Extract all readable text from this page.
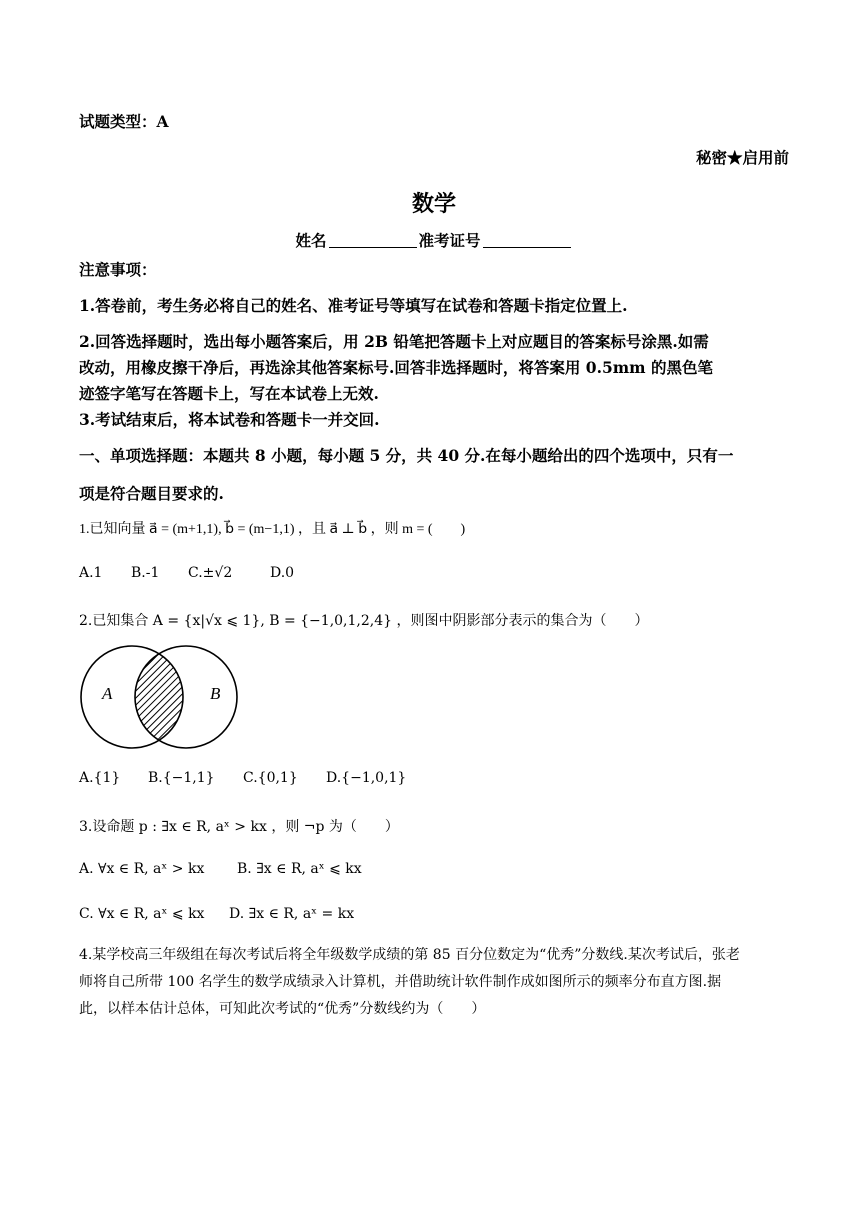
试题类型：A
秘密★启用前
数学
姓名	准考证号
注意事项：
1.答卷前，考生务必将自己的姓名、准考证号等填写在试卷和答题卡指定位置上.
2.回答选择题时，选出每小题答案后，用 2B 铅笔把答题卡上对应题目的答案标号涂黑.如需
改动，用橡皮擦干净后，再选涂其他答案标号.回答非选择题时，将答案用 0.5mm 的黑色笔
迹签字笔写在答题卡上，写在本试卷上无效.
3.考试结束后，将本试卷和答题卡一并交回.
一、单项选择题：本题共 8 小题，每小题 5 分，共 40 分.在每小题给出的四个选项中，只有一
项是符合题目要求的.
1.已知向量 a⃗ = (m+1,1), b⃗ = (m−1,1) ，且 a⃗ ⊥ b⃗ ，则 m = (　　)
A.1 B.-1 C.±√2	D.0
2.已知集合 A = {x|√x ⩽ 1}, B = {−1,0,1,2,4} ，则图中阴影部分表示的集合为（　　）
A	B
A.{1} B.{−1,1} C.{0,1} D.{−1,0,1}
3.设命题 p : ∃x ∈ R, aˣ > kx ，则 ¬p 为（　　）
A. ∀x ∈ R, aˣ > kx B. ∃x ∈ R, aˣ ⩽ kx
C. ∀x ∈ R, aˣ ⩽ kx D. ∃x ∈ R, aˣ = kx
4.某学校高三年级组在每次考试后将全年级数学成绩的第 85 百分位数定为“优秀”分数线.某次考试后，张老
师将自己所带 100 名学生的数学成绩录入计算机，并借助统计软件制作成如图所示的频率分布直方图.据
此，以样本估计总体，可知此次考试的“优秀”分数线约为（　　）
